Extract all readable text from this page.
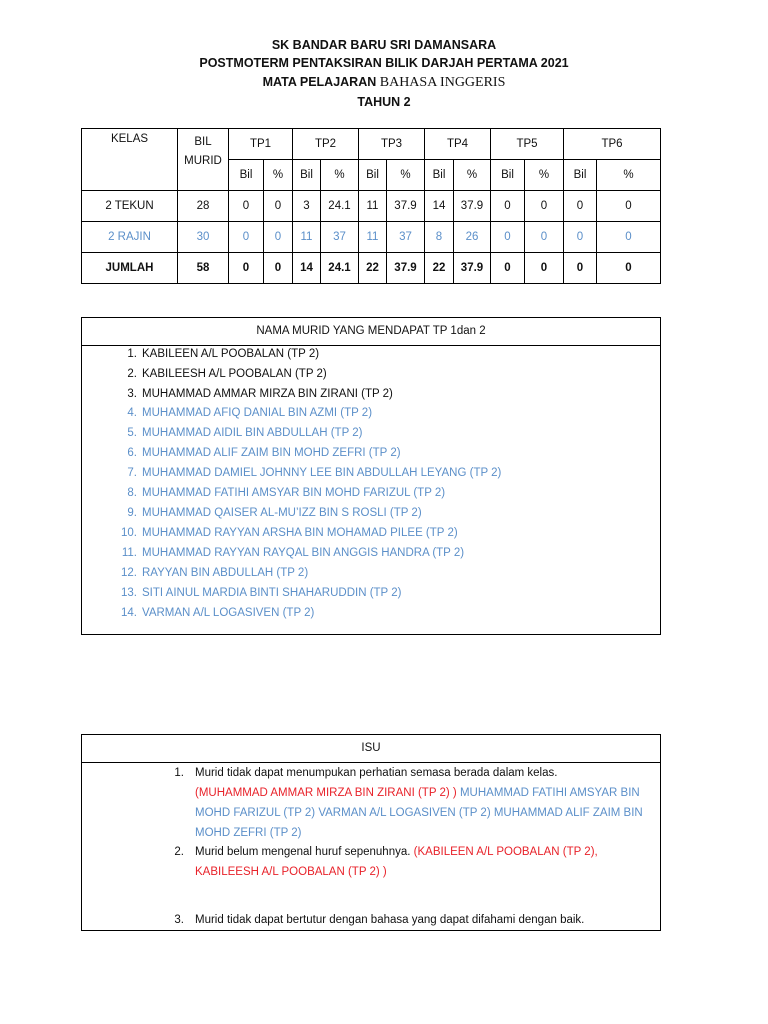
SK BANDAR BARU SRI DAMANSARA
POSTMOTERM PENTAKSIRAN BILIK DARJAH PERTAMA 2021
MATA PELAJARAN BAHASA INGGERIS
TAHUN 2
KELAS	BIL MURID	TP1		TP2		TP3		TP4		TP5		TP6	
		Bil	%	Bil	%	Bil	%	Bil	%	Bil	%	Bil	%
2 TEKUN	28	0	0	3	24.1	11	37.9	14	37.9	0	0	0	0
2 RAJIN	30	0	0	11	37	11	37	8	26	0	0	0	0
JUMLAH	58	0	0	14	24.1	22	37.9	22	37.9	0	0	0	0
NAMA MURID YANG MENDAPAT TP 1dan 2
1. KABILEEN A/L POOBALAN (TP 2)
2. KABILEESH A/L POOBALAN (TP 2)
3. MUHAMMAD AMMAR MIRZA BIN ZIRANI (TP 2)
4. MUHAMMAD AFIQ DANIAL BIN AZMI (TP 2)
5. MUHAMMAD AIDIL BIN ABDULLAH (TP 2)
6. MUHAMMAD ALIF ZAIM BIN MOHD ZEFRI (TP 2)
7. MUHAMMAD DAMIEL JOHNNY LEE BIN ABDULLAH LEYANG (TP 2)
8. MUHAMMAD FATIHI AMSYAR BIN MOHD FARIZUL (TP 2)
9. MUHAMMAD QAISER AL-MU’IZZ BIN S ROSLI (TP 2)
10. MUHAMMAD RAYYAN ARSHA BIN MOHAMAD PILEE (TP 2)
11. MUHAMMAD RAYYAN RAYQAL BIN ANGGIS HANDRA (TP 2)
12. RAYYAN BIN ABDULLAH (TP 2)
13. SITI AINUL MARDIA BINTI SHAHARUDDIN (TP 2)
14. VARMAN A/L LOGASIVEN (TP 2)
ISU
1. Murid tidak dapat menumpukan perhatian semasa berada dalam kelas.
(MUHAMMAD AMMAR MIRZA BIN ZIRANI (TP 2) ) MUHAMMAD FATIHI AMSYAR BIN MOHD FARIZUL (TP 2) VARMAN A/L LOGASIVEN (TP 2) MUHAMMAD ALIF ZAIM BIN MOHD ZEFRI (TP 2)
2. Murid belum mengenal huruf sepenuhnya. (KABILEEN A/L POOBALAN (TP 2), KABILEESH A/L POOBALAN (TP 2) )
3. Murid tidak dapat bertutur dengan bahasa yang dapat difahami dengan baik.
